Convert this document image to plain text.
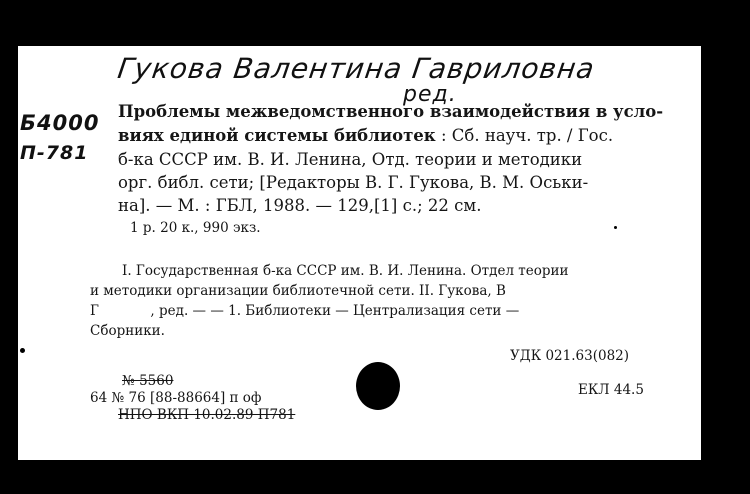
Гукова Валентина Гавриловна
ред.
Б4000
П-781
Проблемы межведомственного взаимодействия в усло-
виях единой системы библиотек : Сб. науч. тр. / Гос.
б-ка СССР им. В. И. Ленина, Отд. теории и методики
орг. библ. сети; [Редакторы В. Г. Гукова, В. М. Оськи-
на]. — М. : ГБЛ, 1988. — 129,[1] с.; 22 см.
1 р. 20 к., 990 экз.
I. Государственная б-ка СССР им. В. И. Ленина. Отдел теории
и методики организации библиотечной сети. II. Гукова, В
Г            , ред. — — 1. Библиотеки — Централизация сети —
Сборники.
УДК 021.63(082)
ЕКЛ 44.5
№ 5560
64 № 76 [88-88664] п оф
НПО ВКП 10.02.89 П781
